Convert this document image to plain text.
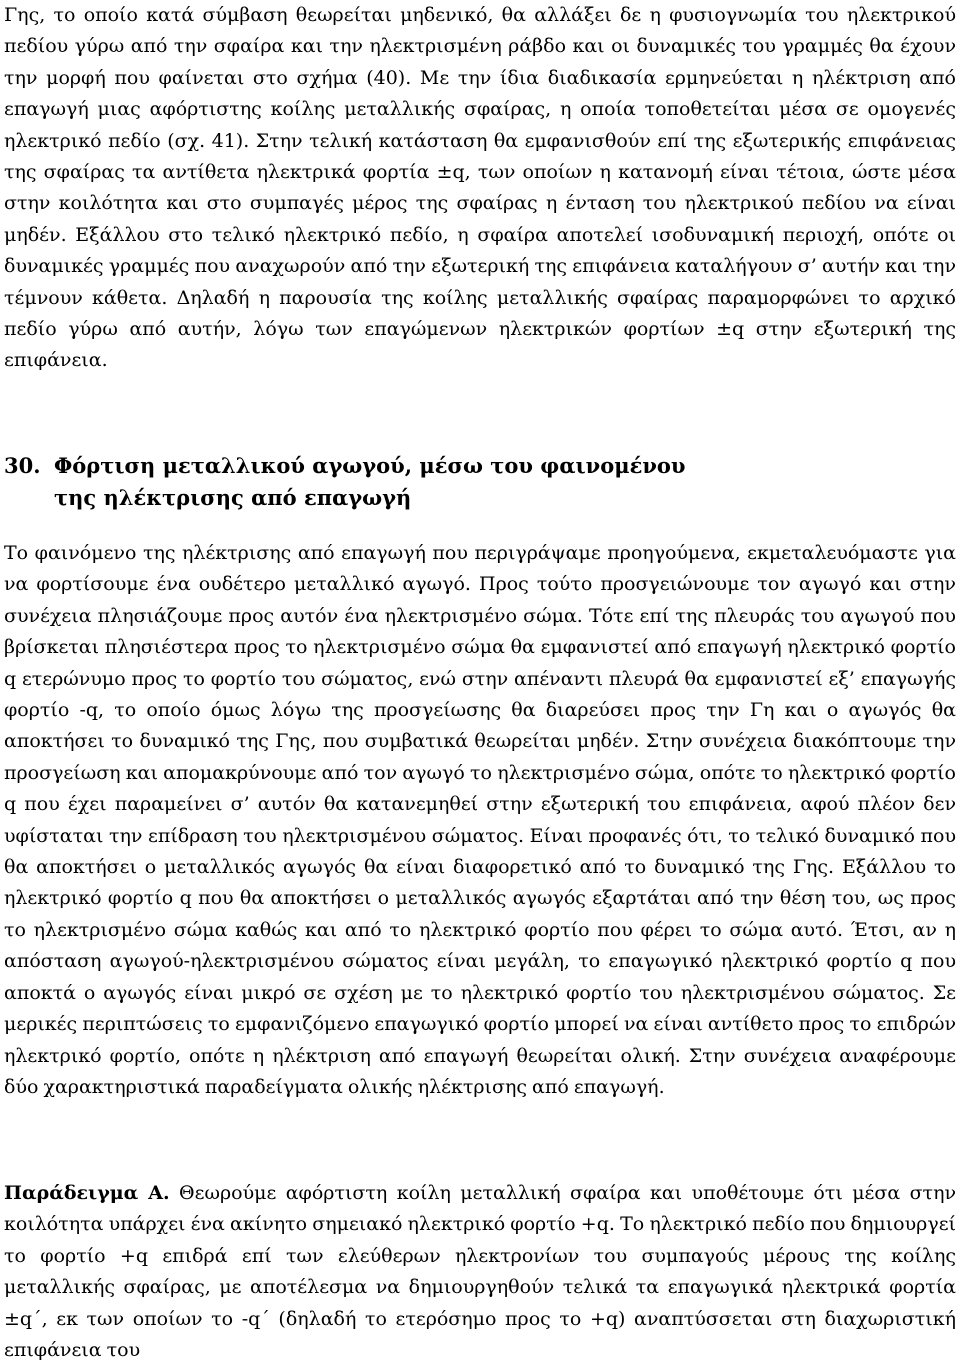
Γης, το οποίο κατά σύμβαση θεωρείται μηδενικό, θα αλλάξει δε η φυσιογνωμία του ηλεκτρικού πεδίου γύρω από την σφαίρα και την ηλεκτρισμένη ράβδο και οι δυναμικές του γραμμές θα έχουν την μορφή που φαίνεται στο σχήμα (40). Με την ίδια διαδικασία ερμηνεύεται η ηλέκτριση από επαγωγή μιας αφόρτιστης κοίλης μεταλλικής σφαίρας, η οποία τοποθετείται μέσα σε ομογενές ηλεκτρικό πεδίο (σχ. 41). Στην τελική κατάσταση θα εμφανισθούν επί της εξωτερικής επιφάνειας της σφαίρας τα αντίθετα ηλεκτρικά φορτία ±q, των οποίων η κατανομή είναι τέτοια, ώστε μέσα στην κοιλότητα και στο συμπαγές μέρος της σφαίρας η ένταση του ηλεκτρικού πεδίου να είναι μηδέν. Εξάλλου στο τελικό ηλεκτρικό πεδίο, η σφαίρα αποτελεί ισοδυναμική περιοχή, οπότε οι δυναμικές γραμμές που αναχωρούν από την εξωτερική της επιφάνεια καταλήγουν σ’ αυτήν και την τέμνουν κάθετα. Δηλαδή η παρουσία της κοίλης μεταλλικής σφαίρας παραμορφώνει το αρχικό πεδίο γύρω από αυτήν, λόγω των επαγώμενων ηλεκτρικών φορτίων ±q στην εξωτερική της επιφάνεια.

30. Φόρτιση μεταλλικού αγωγού, μέσω του φαινομένου
της ηλέκτρισης από επαγωγή

Το φαινόμενο της ηλέκτρισης από επαγωγή που περιγράψαμε προηγούμενα, εκμεταλευόμαστε για να φορτίσουμε ένα ουδέτερο μεταλλικό αγωγό. Προς τούτο προσγειώνουμε τον αγωγό και στην συνέχεια πλησιάζουμε προς αυτόν ένα ηλεκτρισμένο σώμα. Τότε επί της πλευράς του αγωγού που βρίσκεται πλησιέστερα προς το ηλεκτρισμένο σώμα θα εμφανιστεί από επαγωγή ηλεκτρικό φορτίο q ετερώνυμο προς το φορτίο του σώματος, ενώ στην απέναντι πλευρά θα εμφανιστεί εξ’ επαγωγής φορτίο -q, το οποίο όμως λόγω της προσγείωσης θα διαρεύσει προς την Γη και ο αγωγός θα αποκτήσει το δυναμικό της Γης, που συμβατικά θεωρείται μηδέν. Στην συνέχεια διακόπτουμε την προσγείωση και απομακρύνουμε από τον αγωγό το ηλεκτρισμένο σώμα, οπότε το ηλεκτρικό φορτίο q που έχει παραμείνει σ’ αυτόν θα κατανεμηθεί στην εξωτερική του επιφάνεια, αφού πλέον δεν υφίσταται την επίδραση του ηλεκτρισμένου σώματος. Είναι προφανές ότι, το τελικό δυναμικό που θα αποκτήσει ο μεταλλικός αγωγός θα είναι διαφορετικό από το δυναμικό της Γης. Εξάλλου το ηλεκτρικό φορτίο q που θα αποκτήσει ο μεταλλικός αγωγός εξαρτάται από την θέση του, ως προς το ηλεκτρισμένο σώμα καθώς και από το ηλεκτρικό φορτίο που φέρει το σώμα αυτό. Έτσι, αν η απόσταση αγωγού-ηλεκτρισμένου σώματος είναι μεγάλη, το επαγωγικό ηλεκτρικό φορτίο q που αποκτά ο αγωγός είναι μικρό σε σχέση με το ηλεκτρικό φορτίο του ηλεκτρισμένου σώματος. Σε μερικές περιπτώσεις το εμφανιζόμενο επαγωγικό φορτίο μπορεί να είναι αντίθετο προς το επιδρών ηλεκτρικό φορτίο, οπότε η ηλέκτριση από επαγωγή θεωρείται ολική. Στην συνέχεια αναφέρουμε δύο χαρακτηριστικά παραδείγματα ολικής ηλέκτρισης από επαγωγή.

Παράδειγμα Α. Θεωρούμε αφόρτιστη κοίλη μεταλλική σφαίρα και υποθέτουμε ότι μέσα στην κοιλότητα υπάρχει ένα ακίνητο σημειακό ηλεκτρικό φορτίο +q. Το ηλεκτρικό πεδίο που δημιουργεί το φορτίο +q επιδρά επί των ελεύθερων ηλεκτρονίων του συμπαγούς μέρους της κοίλης μεταλλικής σφαίρας, με αποτέλεσμα να δημιουργηθούν τελικά τα επαγωγικά ηλεκτρικά φορτία ±q΄, εκ των οποίων το -q΄ (δηλαδή το ετερόσημο προς το +q) αναπτύσσεται στη διαχωριστική επιφάνεια του
